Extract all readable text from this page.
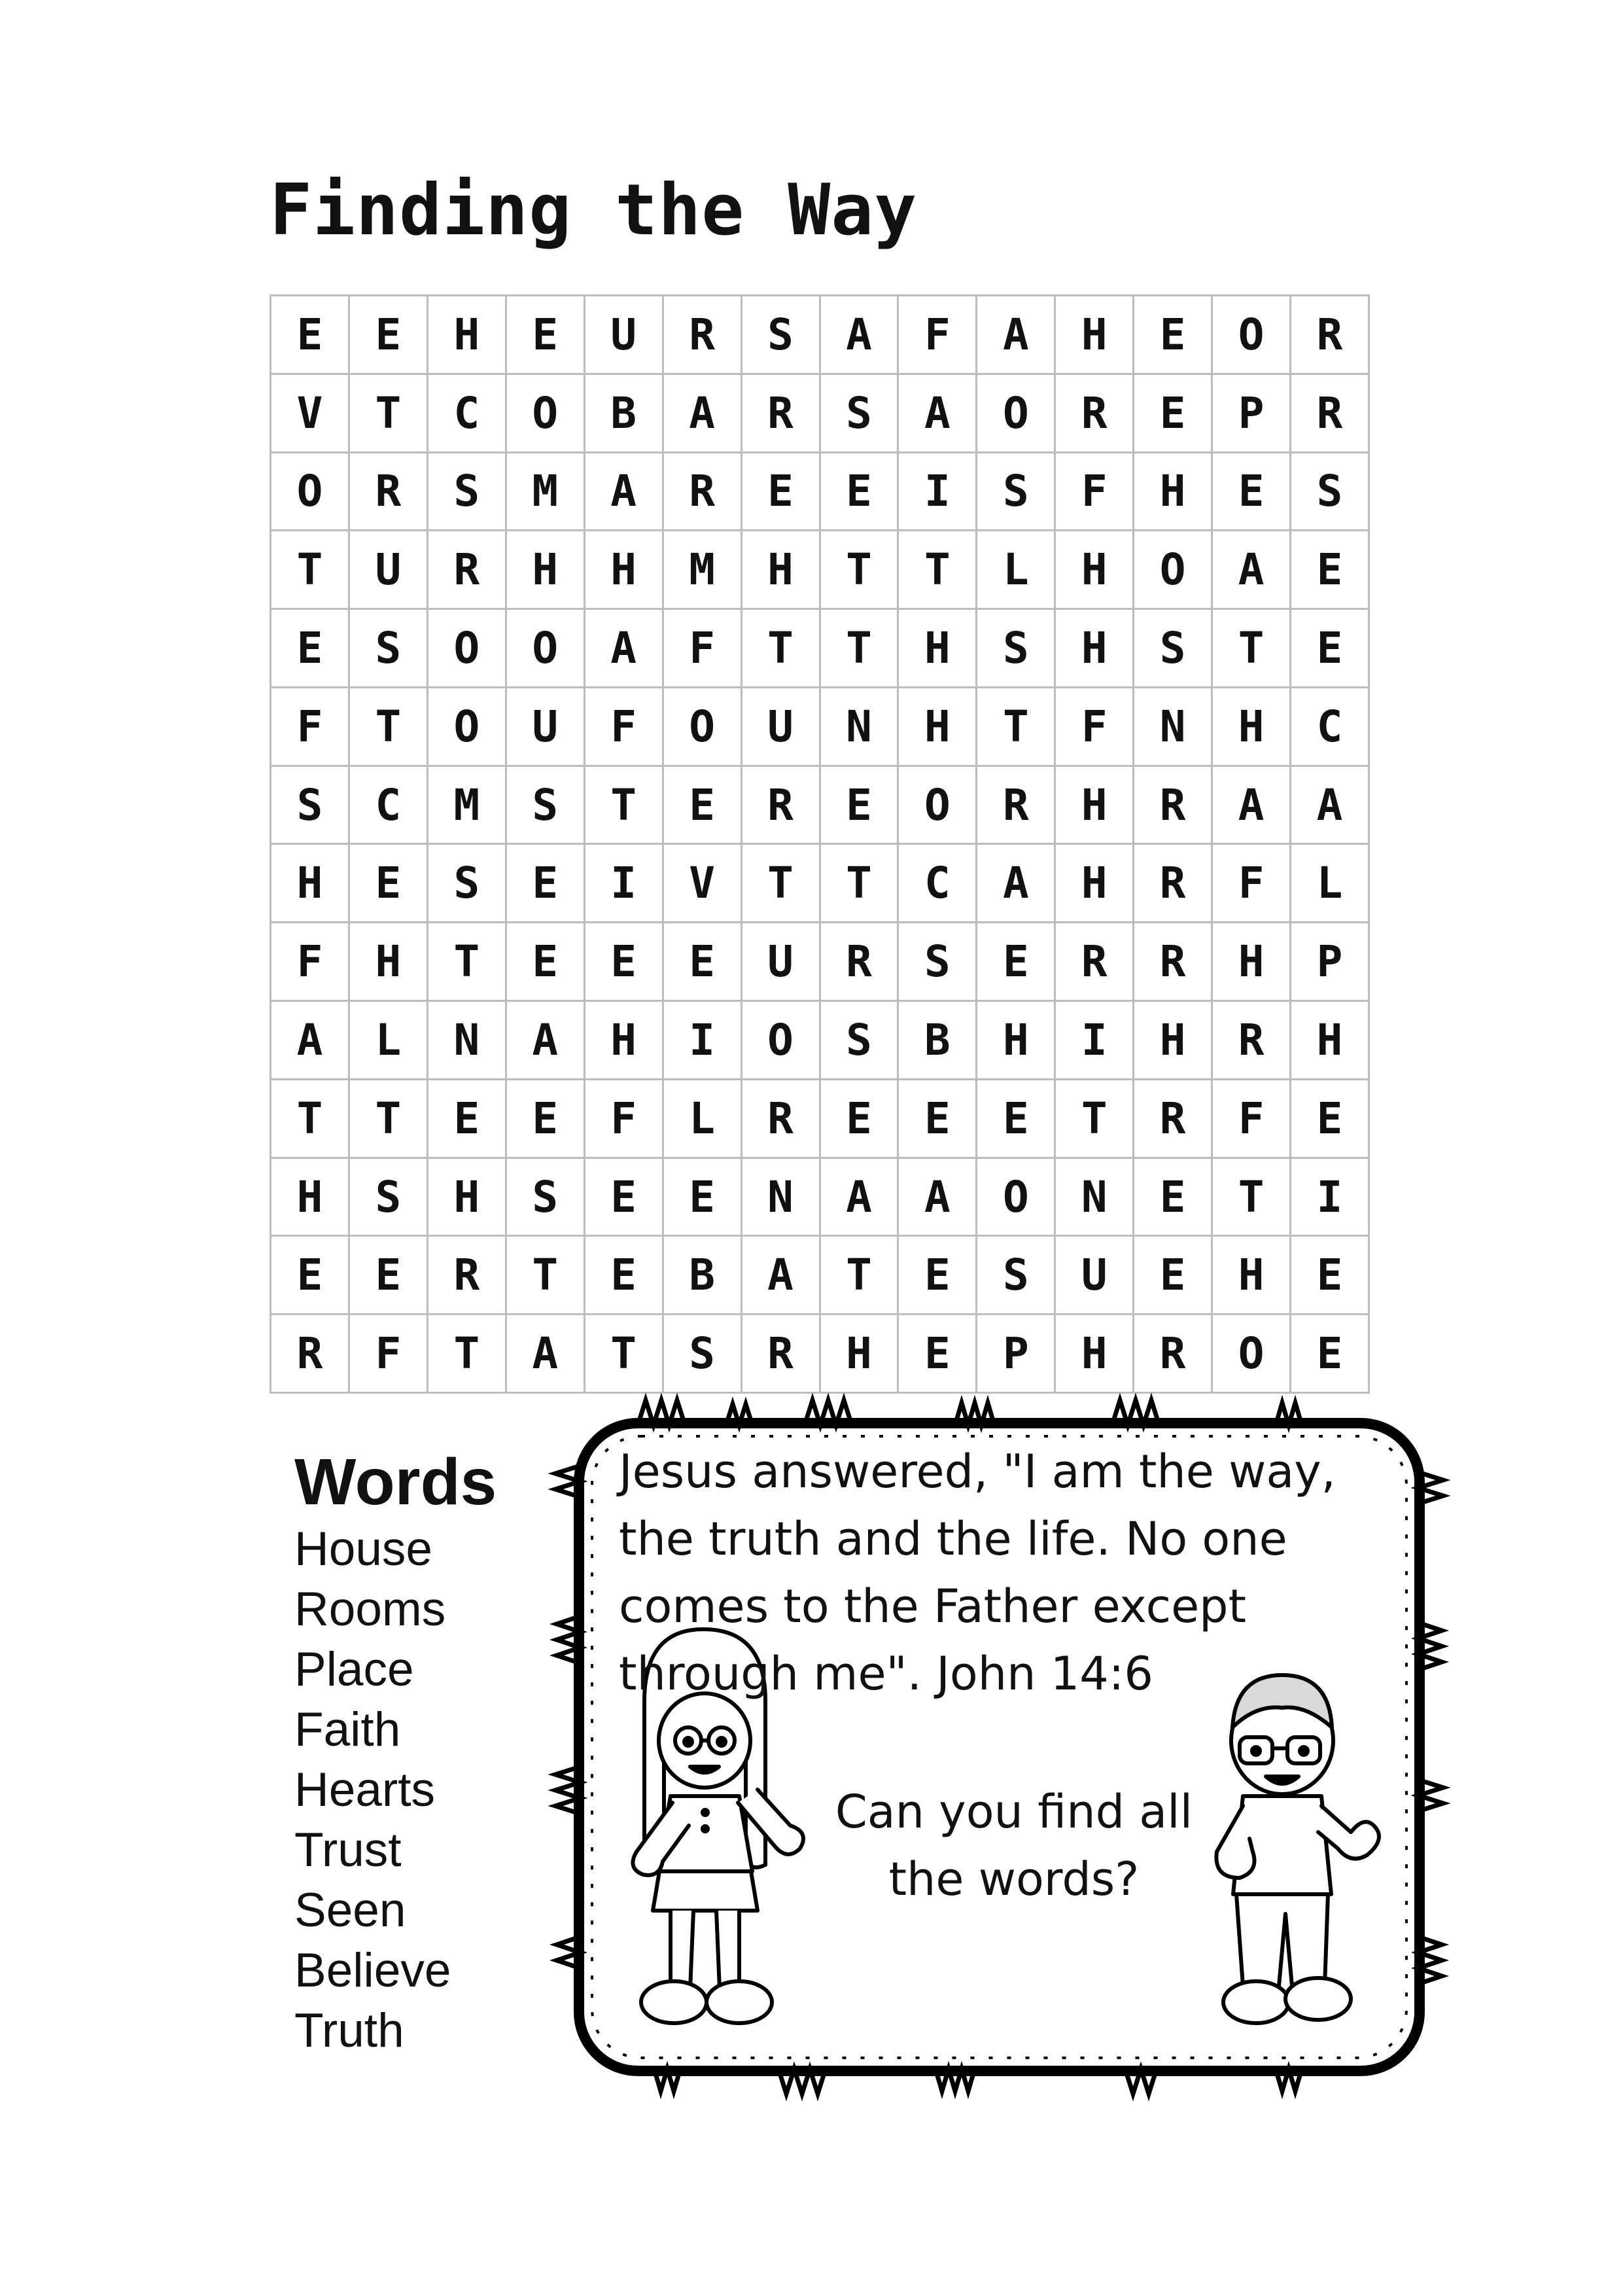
Finding the Way
E	E	H	E	U	R	S	A	F	A	H	E	O	R
V	T	C	O	B	A	R	S	A	O	R	E	P	R
O	R	S	M	A	R	E	E	I	S	F	H	E	S
T	U	R	H	H	M	H	T	T	L	H	O	A	E
E	S	O	O	A	F	T	T	H	S	H	S	T	E
F	T	O	U	F	O	U	N	H	T	F	N	H	C
S	C	M	S	T	E	R	E	O	R	H	R	A	A
H	E	S	E	I	V	T	T	C	A	H	R	F	L
F	H	T	E	E	E	U	R	S	E	R	R	H	P
A	L	N	A	H	I	O	S	B	H	I	H	R	H
T	T	E	E	F	L	R	E	E	E	T	R	F	E
H	S	H	S	E	E	N	A	A	O	N	E	T	I
E	E	R	T	E	B	A	T	E	S	U	E	H	E
R	F	T	A	T	S	R	H	E	P	H	R	O	E
Words
House
Rooms
Place
Faith
Hearts
Trust
Seen
Believe
Truth

Jesus answered, "I am the way,
the truth and the life. No one
comes to the Father except
through me". John 14:6

Can you find all
the words?
